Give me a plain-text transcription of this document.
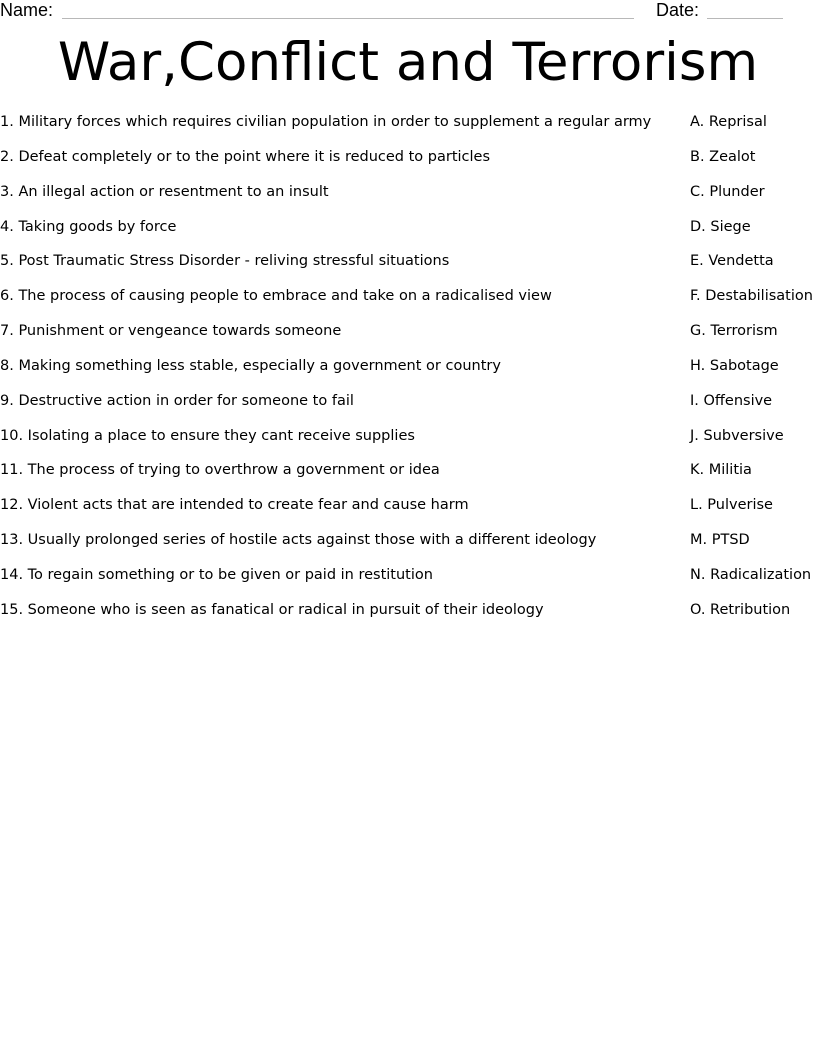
Name:	Date:
War,Conflict and Terrorism
1. Military forces which requires civilian population in order to supplement a regular army	A. Reprisal
2. Defeat completely or to the point where it is reduced to particles	B. Zealot
3. An illegal action or resentment to an insult	C. Plunder
4. Taking goods by force	D. Siege
5. Post Traumatic Stress Disorder - reliving stressful situations	E. Vendetta
6. The process of causing people to embrace and take on a radicalised view	F. Destabilisation
7. Punishment or vengeance towards someone	G. Terrorism
8. Making something less stable, especially a government or country	H. Sabotage
9. Destructive action in order for someone to fail	I. Offensive
10. Isolating a place to ensure they cant receive supplies	J. Subversive
11. The process of trying to overthrow a government or idea	K. Militia
12. Violent acts that are intended to create fear and cause harm	L. Pulverise
13. Usually prolonged series of hostile acts against those with a different ideology	M. PTSD
14. To regain something or to be given or paid in restitution	N. Radicalization
15. Someone who is seen as fanatical or radical in pursuit of their ideology	O. Retribution
